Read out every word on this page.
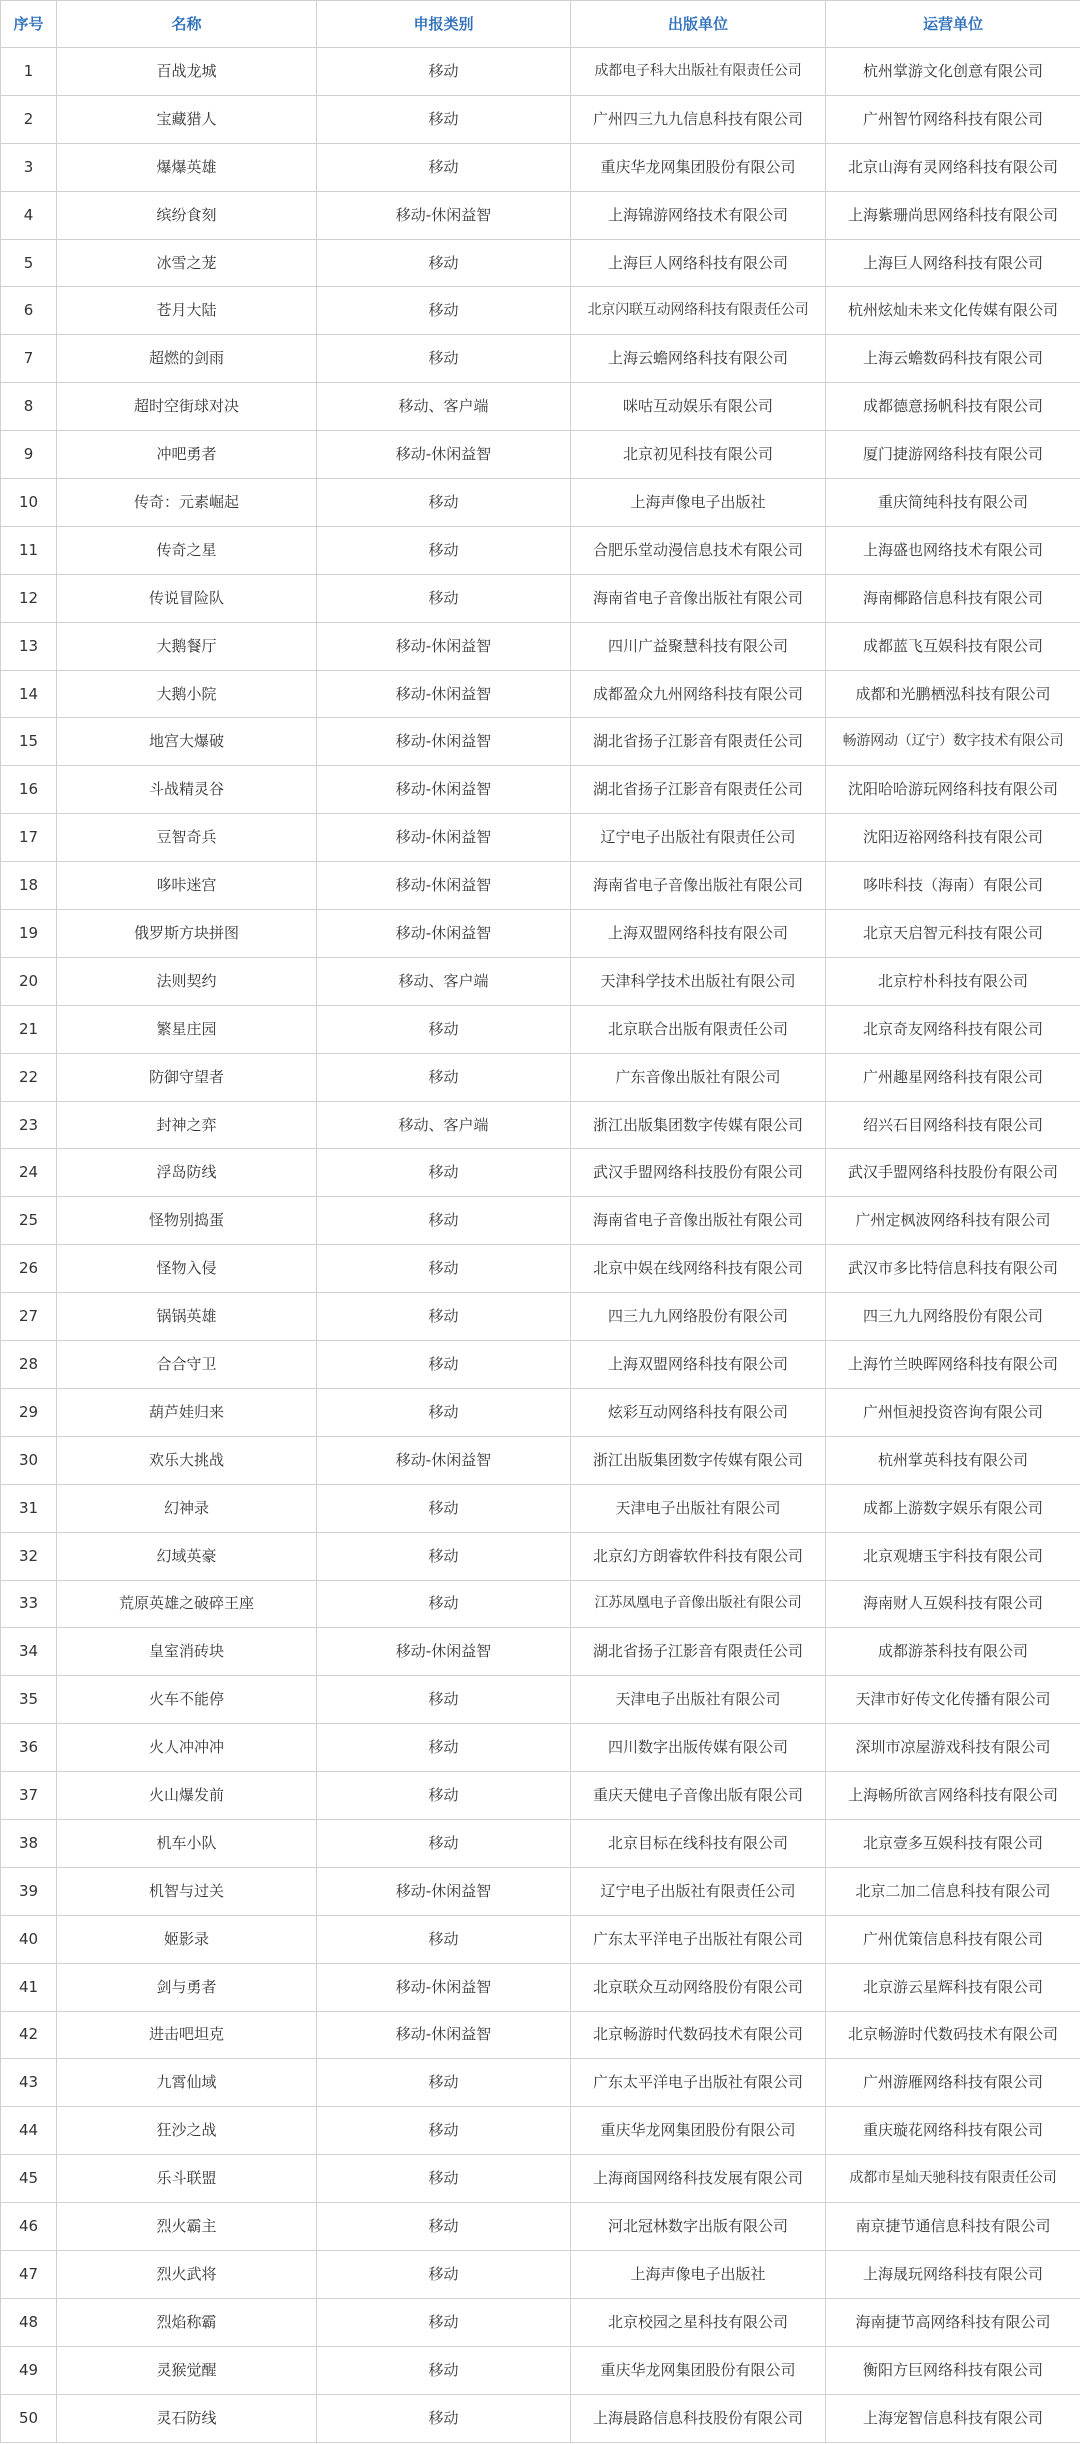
序号	名称	申报类别	出版单位	运营单位
1	百战龙城	移动	成都电子科大出版社有限责任公司	杭州掌游文化创意有限公司
2	宝藏猎人	移动	广州四三九九信息科技有限公司	广州智竹网络科技有限公司
3	爆爆英雄	移动	重庆华龙网集团股份有限公司	北京山海有灵网络科技有限公司
4	缤纷食刻	移动-休闲益智	上海锦游网络技术有限公司	上海紫珊尚思网络科技有限公司
5	冰雪之茏	移动	上海巨人网络科技有限公司	上海巨人网络科技有限公司
6	苍月大陆	移动	北京闪联互动网络科技有限责任公司	杭州炫灿未来文化传媒有限公司
7	超燃的剑雨	移动	上海云蟾网络科技有限公司	上海云蟾数码科技有限公司
8	超时空街球对决	移动、客户端	咪咕互动娱乐有限公司	成都德意扬帆科技有限公司
9	冲吧勇者	移动-休闲益智	北京初见科技有限公司	厦门捷游网络科技有限公司
10	传奇：元素崛起	移动	上海声像电子出版社	重庆简纯科技有限公司
11	传奇之星	移动	合肥乐堂动漫信息技术有限公司	上海盛也网络技术有限公司
12	传说冒险队	移动	海南省电子音像出版社有限公司	海南椰路信息科技有限公司
13	大鹅餐厅	移动-休闲益智	四川广益聚慧科技有限公司	成都蓝飞互娱科技有限公司
14	大鹅小院	移动-休闲益智	成都盈众九州网络科技有限公司	成都和光鹏栖泓科技有限公司
15	地宫大爆破	移动-休闲益智	湖北省扬子江影音有限责任公司	畅游网动（辽宁）数字技术有限公司
16	斗战精灵谷	移动-休闲益智	湖北省扬子江影音有限责任公司	沈阳哈哈游玩网络科技有限公司
17	豆智奇兵	移动-休闲益智	辽宁电子出版社有限责任公司	沈阳迈裕网络科技有限公司
18	哆咔迷宫	移动-休闲益智	海南省电子音像出版社有限公司	哆咔科技（海南）有限公司
19	俄罗斯方块拼图	移动-休闲益智	上海双盟网络科技有限公司	北京天启智元科技有限公司
20	法则契约	移动、客户端	天津科学技术出版社有限公司	北京柠朴科技有限公司
21	繁星庄园	移动	北京联合出版有限责任公司	北京奇友网络科技有限公司
22	防御守望者	移动	广东音像出版社有限公司	广州趣星网络科技有限公司
23	封神之弈	移动、客户端	浙江出版集团数字传媒有限公司	绍兴石目网络科技有限公司
24	浮岛防线	移动	武汉手盟网络科技股份有限公司	武汉手盟网络科技股份有限公司
25	怪物别捣蛋	移动	海南省电子音像出版社有限公司	广州定枫波网络科技有限公司
26	怪物入侵	移动	北京中娱在线网络科技有限公司	武汉市多比特信息科技有限公司
27	锅锅英雄	移动	四三九九网络股份有限公司	四三九九网络股份有限公司
28	合合守卫	移动	上海双盟网络科技有限公司	上海竹兰映晖网络科技有限公司
29	葫芦娃归来	移动	炫彩互动网络科技有限公司	广州恒昶投资咨询有限公司
30	欢乐大挑战	移动-休闲益智	浙江出版集团数字传媒有限公司	杭州掌英科技有限公司
31	幻神录	移动	天津电子出版社有限公司	成都上游数字娱乐有限公司
32	幻域英豪	移动	北京幻方朗睿软件科技有限公司	北京观塘玉宇科技有限公司
33	荒原英雄之破碎王座	移动	江苏凤凰电子音像出版社有限公司	海南财人互娱科技有限公司
34	皇室消砖块	移动-休闲益智	湖北省扬子江影音有限责任公司	成都游茶科技有限公司
35	火车不能停	移动	天津电子出版社有限公司	天津市好传文化传播有限公司
36	火人冲冲冲	移动	四川数字出版传媒有限公司	深圳市凉屋游戏科技有限公司
37	火山爆发前	移动	重庆天健电子音像出版有限公司	上海畅所欲言网络科技有限公司
38	机车小队	移动	北京目标在线科技有限公司	北京壹多互娱科技有限公司
39	机智与过关	移动-休闲益智	辽宁电子出版社有限责任公司	北京二加二信息科技有限公司
40	姬影录	移动	广东太平洋电子出版社有限公司	广州优策信息科技有限公司
41	剑与勇者	移动-休闲益智	北京联众互动网络股份有限公司	北京游云星辉科技有限公司
42	进击吧坦克	移动-休闲益智	北京畅游时代数码技术有限公司	北京畅游时代数码技术有限公司
43	九霄仙域	移动	广东太平洋电子出版社有限公司	广州游雁网络科技有限公司
44	狂沙之战	移动	重庆华龙网集团股份有限公司	重庆璇花网络科技有限公司
45	乐斗联盟	移动	上海商国网络科技发展有限公司	成都市星灿天驰科技有限责任公司
46	烈火霸主	移动	河北冠林数字出版有限公司	南京捷节通信息科技有限公司
47	烈火武将	移动	上海声像电子出版社	上海晟玩网络科技有限公司
48	烈焰称霸	移动	北京校园之星科技有限公司	海南捷节高网络科技有限公司
49	灵猴觉醒	移动	重庆华龙网集团股份有限公司	衡阳方巨网络科技有限公司
50	灵石防线	移动	上海晨路信息科技股份有限公司	上海宠智信息科技有限公司
